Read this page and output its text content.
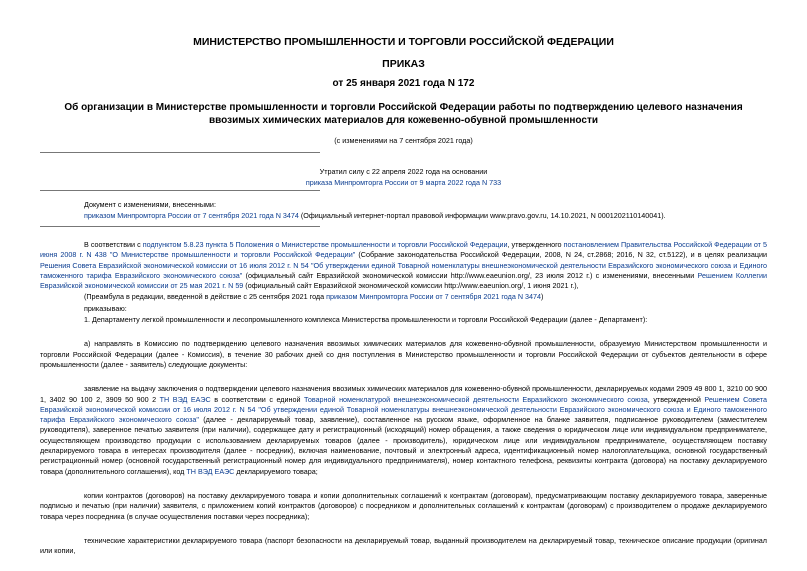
МИНИСТЕРСТВО ПРОМЫШЛЕННОСТИ И ТОРГОВЛИ РОССИЙСКОЙ ФЕДЕРАЦИИ
ПРИКАЗ
от 25 января 2021 года N 172
Об организации в Министерстве промышленности и торговли Российской Федерации работы по подтверждению целевого назначения ввозимых химических материалов для кожевенно-обувной промышленности
(с изменениями на 7 сентября 2021 года)
Утратил силу с 22 апреля 2022 года на основании
приказа Минпромторга России от 9 марта 2022 года N 733
Документ с изменениями, внесенными:
приказом Минпромторга России от 7 сентября 2021 года N 3474 (Официальный интернет-портал правовой информации www.pravo.gov.ru, 14.10.2021, N 0001202110140041).

В соответствии с подпунктом 5.8.23 пункта 5 Положения о Министерстве промышленности и торговли Российской Федерации, утвержденного постановлением Правительства Российской Федерации от 5 июня 2008 г. N 438 "О Министерстве промышленности и торговли Российской Федерации" (Собрание законодательства Российской Федерации, 2008, N 24, ст.2868; 2016, N 32, ст.5122), и в целях реализации Решения Совета Евразийской экономической комиссии от 16 июля 2012 г. N 54 "Об утверждении единой Товарной номенклатуры внешнеэкономической деятельности Евразийского экономического союза и Единого таможенного тарифа Евразийского экономического союза" (официальный сайт Евразийской экономической комиссии http://www.eaeunion.org/, 23 июля 2012 г.) с изменениями, внесенными Решением Коллегии Евразийской экономической комиссии от 25 мая 2021 г. N 59 (официальный сайт Евразийской экономической комиссии http://www.eaeunion.org/, 1 июня 2021 г.),

(Преамбула в редакции, введенной в действие с 25 сентября 2021 года приказом Минпромторга России от 7 сентября 2021 года N 3474)

приказываю:

1. Департаменту легкой промышленности и лесопромышленного комплекса Министерства промышленности и торговли Российской Федерации (далее - Департамент):

а) направлять в Комиссию по подтверждению целевого назначения ввозимых химических материалов для кожевенно-обувной промышленности, образуемую Министерством промышленности и торговли Российской Федерации (далее - Комиссия), в течение 30 рабочих дней со дня поступления в Министерство промышленности и торговли Российской Федерации от субъектов деятельности в сфере промышленности (далее - заявитель) следующие документы:

заявление на выдачу заключения о подтверждении целевого назначения ввозимых химических материалов для кожевенно-обувной промышленности, декларируемых кодами 2909 49 800 1, 3210 00 900 1, 3402 90 100 2, 3909 50 900 2 ТН ВЭД ЕАЭС в соответствии с единой Товарной номенклатурой внешнеэкономической деятельности Евразийского экономического союза, утвержденной Решением Совета Евразийской экономической комиссии от 16 июля 2012 г. N 54 "Об утверждении единой Товарной номенклатуры внешнеэкономической деятельности Евразийского экономического союза и Единого таможенного тарифа Евразийского экономического союза" (далее - декларируемый товар, заявление), составленное на русском языке, оформленное на бланке заявителя, подписанное руководителем (заместителем руководителя), заверенное печатью заявителя (при наличии), содержащее дату и регистрационный (исходящий) номер обращения, а также сведения о юридическом лице или индивидуальном предпринимателе, осуществляющем производство продукции с использованием декларируемых товаров (далее - производитель), юридическом лице или индивидуальном предпринимателе, осуществляющем поставку декларируемого товара в интересах производителя (далее - посредник), включая наименование, почтовый и электронный адреса, идентификационный номер налогоплательщика, основной государственный регистрационный номер (основной государственный регистрационный номер для индивидуального предпринимателя), номер контактного телефона, реквизиты контракта (договора) на поставку декларируемого товара (дополнительного соглашения), код ТН ВЭД ЕАЭС декларируемого товара;

копии контрактов (договоров) на поставку декларируемого товара и копии дополнительных соглашений к контрактам (договорам), предусматривающим поставку декларируемого товара, заверенные подписью и печатью (при наличии) заявителя, с приложением копий контрактов (договоров) с посредником и дополнительных соглашений к контрактам (договорам) с производителем о продаже декларируемого товара через посредника (в случае осуществления поставки через посредника);

технические характеристики декларируемого товара (паспорт безопасности на декларируемый товар, выданный производителем на декларируемый товар, техническое описание продукции (оригинал или копии,
